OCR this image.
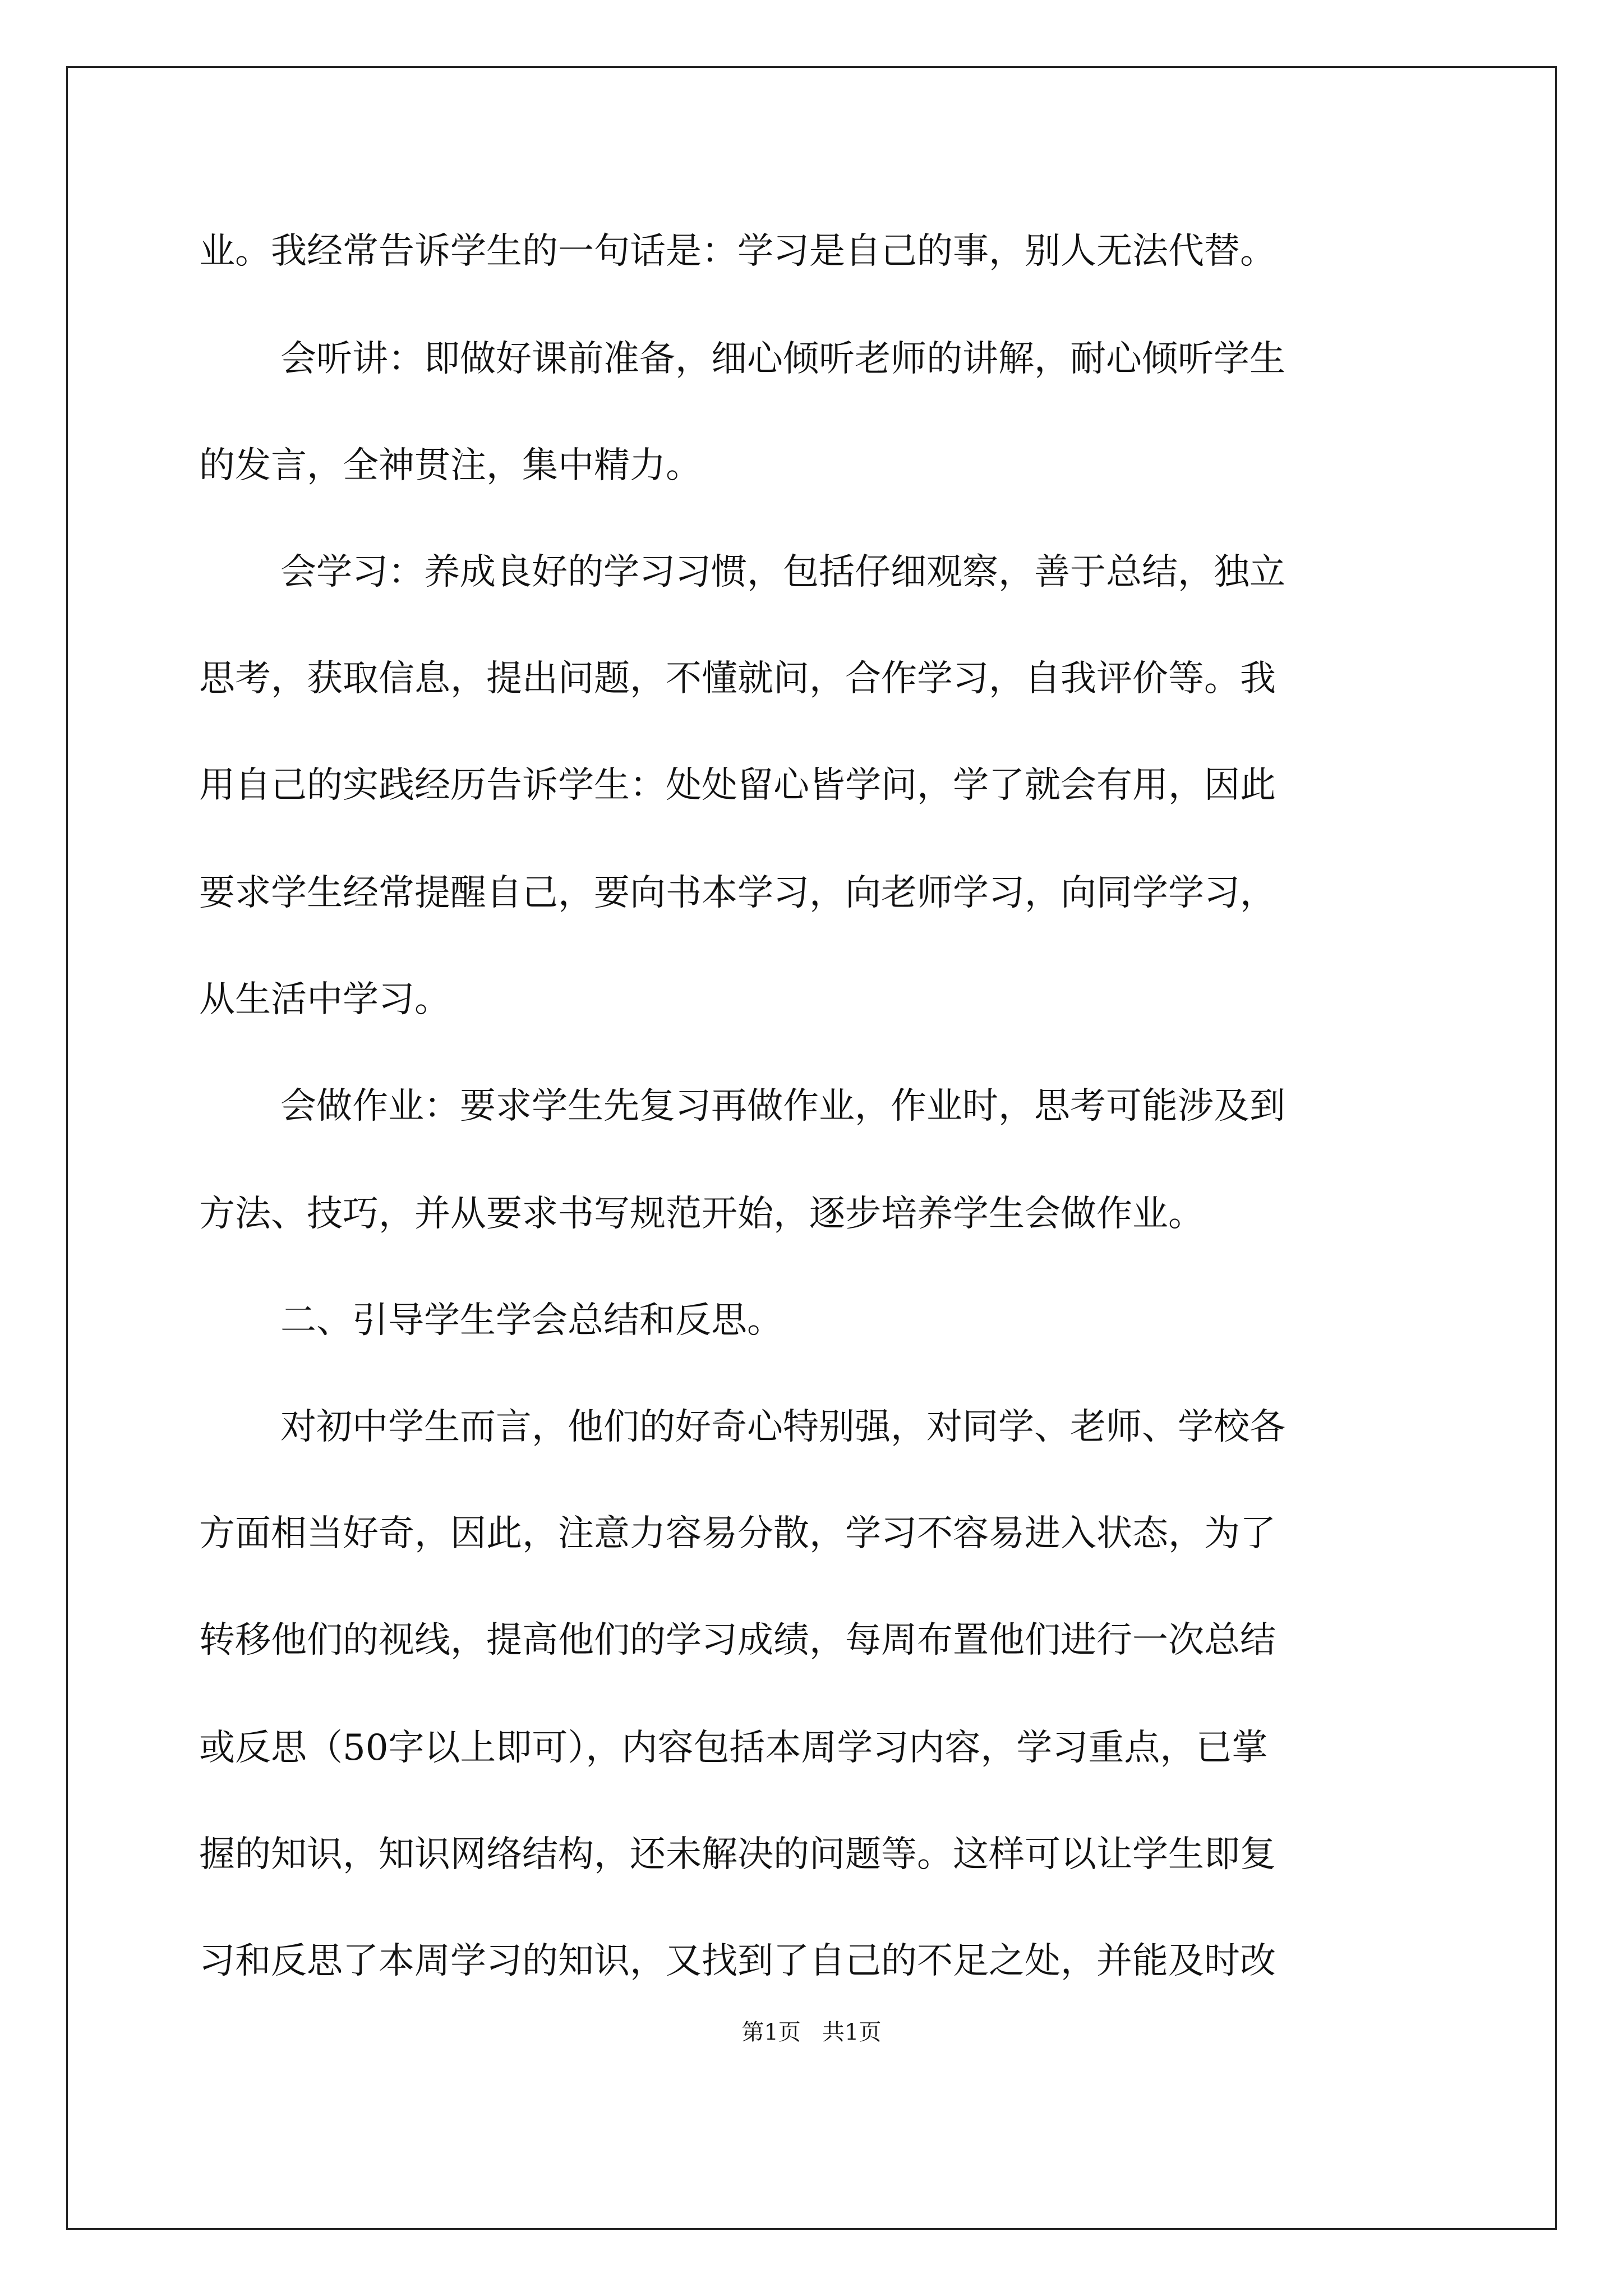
业。我经常告诉学生的一句话是：学习是自己的事，别人无法代替。

会听讲：即做好课前准备，细心倾听老师的讲解，耐心倾听学生

的发言，全神贯注，集中精力。

会学习：养成良好的学习习惯，包括仔细观察，善于总结，独立

思考，获取信息，提出问题，不懂就问，合作学习，自我评价等。我

用自己的实践经历告诉学生：处处留心皆学问，学了就会有用，因此

要求学生经常提醒自己，要向书本学习，向老师学习，向同学学习，

从生活中学习。

会做作业：要求学生先复习再做作业，作业时，思考可能涉及到

方法、技巧，并从要求书写规范开始，逐步培养学生会做作业。

二、引导学生学会总结和反思。

对初中学生而言，他们的好奇心特别强，对同学、老师、学校各

方面相当好奇，因此，注意力容易分散，学习不容易进入状态，为了

转移他们的视线，提高他们的学习成绩，每周布置他们进行一次总结

或反思（50字以上即可），内容包括本周学习内容，学习重点，已掌

握的知识，知识网络结构，还未解决的问题等。这样可以让学生即复

习和反思了本周学习的知识，又找到了自己的不足之处，并能及时改

第1页   共1页
